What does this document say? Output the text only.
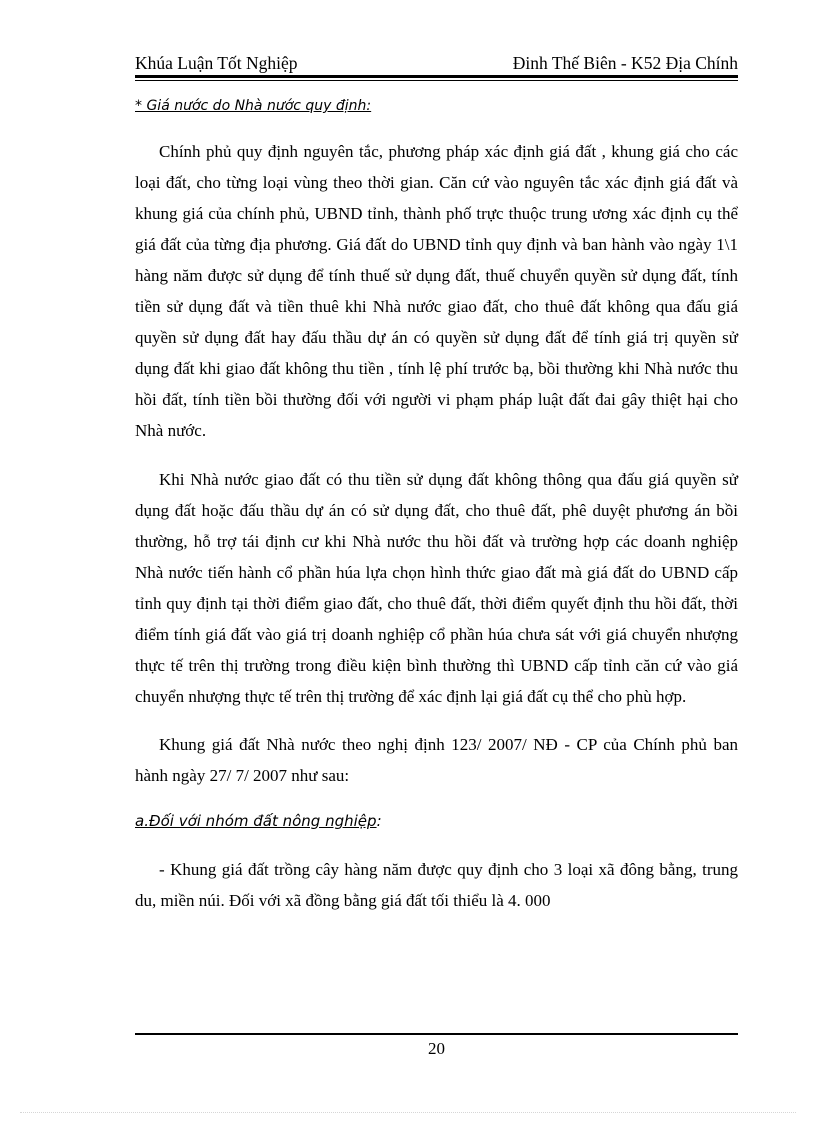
Khúa Luận Tốt Nghiệp	Đinh Thế Biên - K52 Địa Chính

* Giá nước do Nhà nước quy định:

Chính phủ quy định nguyên tắc, phương pháp xác định giá đất , khung giá cho các loại đất, cho từng loại vùng theo thời gian. Căn cứ vào nguyên tắc xác định giá đất và khung giá của chính phủ, UBND tỉnh, thành phố trực thuộc trung ương xác định cụ thể giá đất của từng địa phương. Giá đất do UBND tỉnh quy định và ban hành vào ngày 1\1 hàng năm được sử dụng để tính thuế sử dụng đất, thuế chuyển quyền sử dụng đất, tính tiền sử dụng đất và tiền thuê khi Nhà nước giao đất, cho thuê đất không qua đấu giá quyền sử dụng đất hay đấu thầu dự án có quyền sử dụng đất để tính giá trị quyền sử dụng đất khi giao đất không thu tiền , tính lệ phí trước bạ, bồi thường khi Nhà nước thu hồi đất, tính tiền bồi thường đối với người vi phạm pháp luật đất đai gây thiệt hại cho Nhà nước.

Khi Nhà nước giao đất có thu tiền sử dụng đất không thông qua đấu giá quyền sử dụng đất hoặc đấu thầu dự án có sử dụng đất, cho thuê đất, phê duyệt phương án bồi thường, hỗ trợ tái định cư khi Nhà nước thu hồi đất và trường hợp các doanh nghiệp Nhà nước tiến hành cổ phần húa lựa chọn hình thức giao đất mà giá đất do UBND cấp tỉnh quy định tại thời điểm giao đất, cho thuê đất, thời điểm quyết định thu hồi đất, thời điểm tính giá đất vào giá trị doanh nghiệp cổ phần húa chưa sát với giá chuyển nhượng thực tế trên thị trường trong điều kiện bình thường thì UBND cấp tỉnh căn cứ vào giá chuyển nhượng thực tế trên thị trường để xác định lại giá đất cụ thể cho phù hợp.

Khung giá đất Nhà nước theo nghị định 123/ 2007/ NĐ - CP của Chính phủ ban hành ngày 27/ 7/ 2007 như sau:

a.Đối với nhóm đất nông nghiệp:

- Khung giá đất trồng cây hàng năm được quy định cho 3 loại xã đông bằng, trung du, miền núi. Đối với xã đồng bằng giá đất tối thiểu là 4. 000

20
